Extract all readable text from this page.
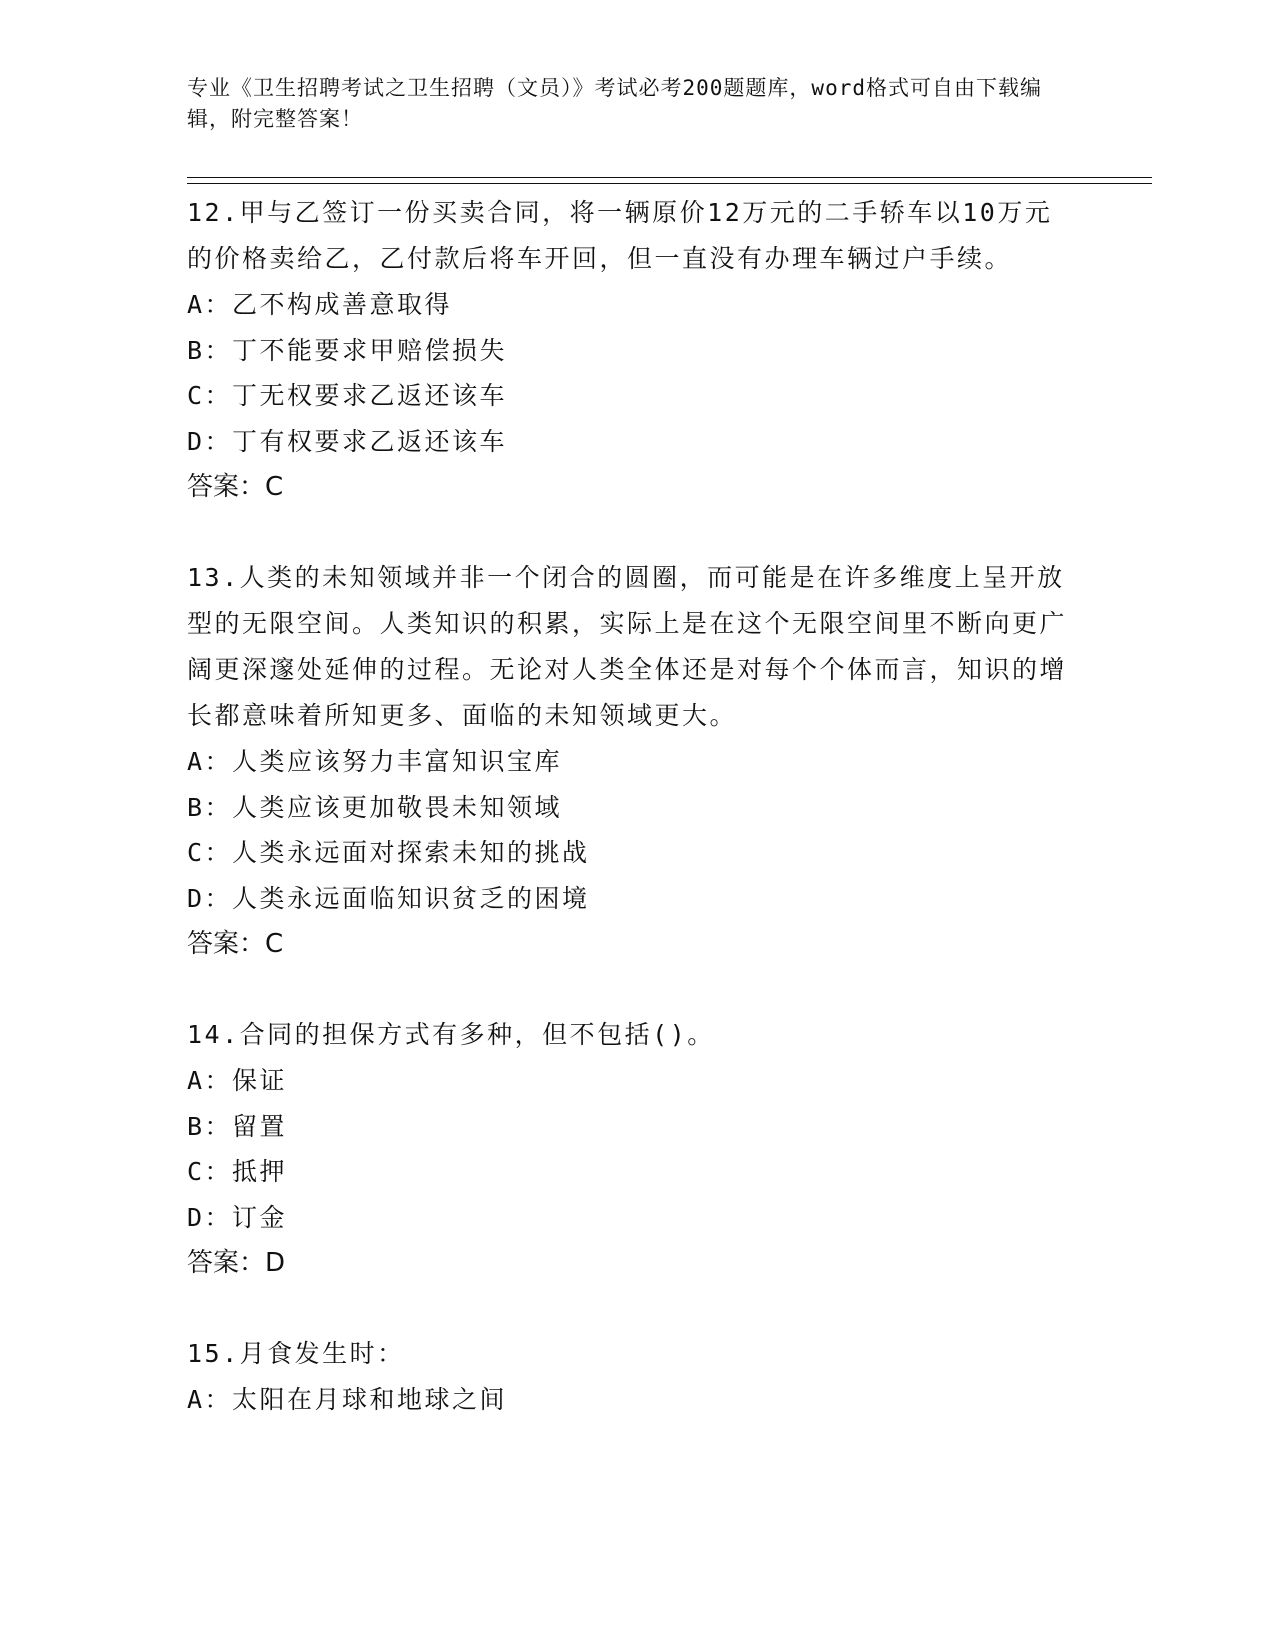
专业《卫生招聘考试之卫生招聘（文员）》考试必考200题题库，word格式可自由下载编辑，附完整答案！
12.甲与乙签订一份买卖合同，将一辆原价12万元的二手轿车以10万元的价格卖给乙，乙付款后将车开回，但一直没有办理车辆过户手续。
A：乙不构成善意取得
B：丁不能要求甲赔偿损失
C：丁无权要求乙返还该车
D：丁有权要求乙返还该车
答案：C
13.人类的未知领域并非一个闭合的圆圈，而可能是在许多维度上呈开放型的无限空间。人类知识的积累，实际上是在这个无限空间里不断向更广阔更深邃处延伸的过程。无论对人类全体还是对每个个体而言，知识的增长都意味着所知更多、面临的未知领域更大。
A：人类应该努力丰富知识宝库
B：人类应该更加敬畏未知领域
C：人类永远面对探索未知的挑战
D：人类永远面临知识贫乏的困境
答案：C
14.合同的担保方式有多种，但不包括()。
A：保证
B：留置
C：抵押
D：订金
答案：D
15.月食发生时：
A：太阳在月球和地球之间
